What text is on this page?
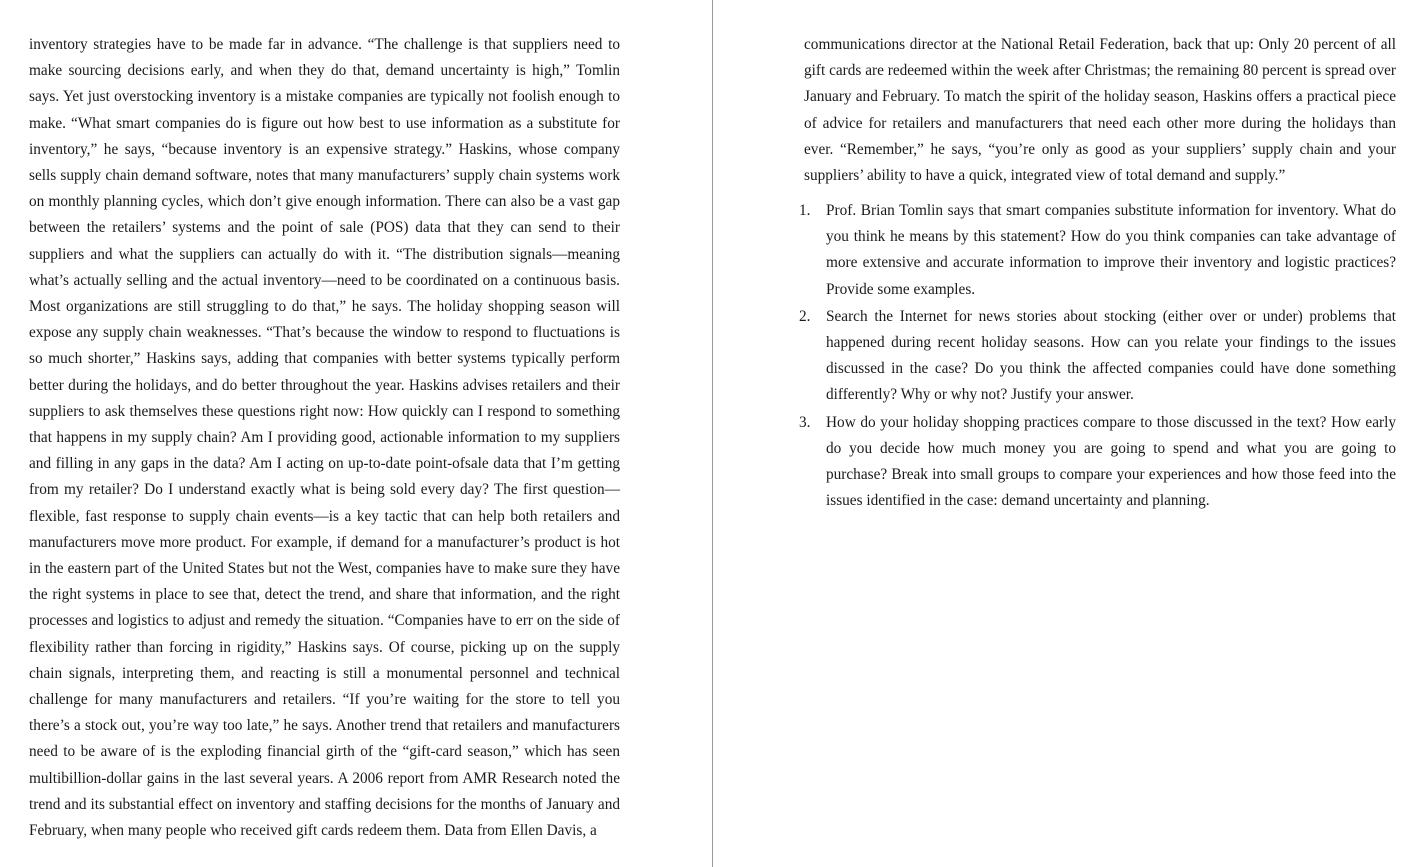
inventory strategies have to be made far in advance. “The challenge is that suppliers need to make sourcing decisions early, and when they do that, demand uncertainty is high,” Tomlin says. Yet just overstocking inventory is a mistake companies are typically not foolish enough to make. “What smart companies do is figure out how best to use information as a substitute for inventory,” he says, “because inventory is an expensive strategy.” Haskins, whose company sells supply chain demand software, notes that many manufacturers’ supply chain systems work on monthly planning cycles, which don’t give enough information. There can also be a vast gap between the retailers’ systems and the point of sale (POS) data that they can send to their suppliers and what the suppliers can actually do with it. “The distribution signals—meaning what’s actually selling and the actual inventory—need to be coordinated on a continuous basis. Most organizations are still struggling to do that,” he says. The holiday shopping season will expose any supply chain weaknesses. “That’s because the window to respond to fluctuations is so much shorter,” Haskins says, adding that companies with better systems typically perform better during the holidays, and do better throughout the year. Haskins advises retailers and their suppliers to ask themselves these questions right now: How quickly can I respond to something that happens in my supply chain? Am I providing good, actionable information to my suppliers and filling in any gaps in the data? Am I acting on up-to-date point-ofsale data that I’m getting from my retailer? Do I understand exactly what is being sold every day? The first question—flexible, fast response to supply chain events—is a key tactic that can help both retailers and manufacturers move more product. For example, if demand for a manufacturer’s product is hot in the eastern part of the United States but not the West, companies have to make sure they have the right systems in place to see that, detect the trend, and share that information, and the right processes and logistics to adjust and remedy the situation. “Companies have to err on the side of flexibility rather than forcing in rigidity,” Haskins says. Of course, picking up on the supply chain signals, interpreting them, and reacting is still a monumental personnel and technical challenge for many manufacturers and retailers. “If you’re waiting for the store to tell you there’s a stock out, you’re way too late,” he says. Another trend that retailers and manufacturers need to be aware of is the exploding financial girth of the “gift-card season,” which has seen multibillion-dollar gains in the last several years. A 2006 report from AMR Research noted the trend and its substantial effect on inventory and staffing decisions for the months of January and February, when many people who received gift cards redeem them. Data from Ellen Davis, a

communications director at the National Retail Federation, back that up: Only 20 percent of all gift cards are redeemed within the week after Christmas; the remaining 80 percent is spread over January and February. To match the spirit of the holiday season, Haskins offers a practical piece of advice for retailers and manufacturers that need each other more during the holidays than ever. “Remember,” he says, “you’re only as good as your suppliers’ supply chain and your suppliers’ ability to have a quick, integrated view of total demand and supply.”

1. Prof. Brian Tomlin says that smart companies substitute information for inventory. What do you think he means by this statement? How do you think companies can take advantage of more extensive and accurate information to improve their inventory and logistic practices? Provide some examples.
2. Search the Internet for news stories about stocking (either over or under) problems that happened during recent holiday seasons. How can you relate your findings to the issues discussed in the case? Do you think the affected companies could have done something differently? Why or why not? Justify your answer.
3. How do your holiday shopping practices compare to those discussed in the text? How early do you decide how much money you are going to spend and what you are going to purchase? Break into small groups to compare your experiences and how those feed into the issues identified in the case: demand uncertainty and planning.
